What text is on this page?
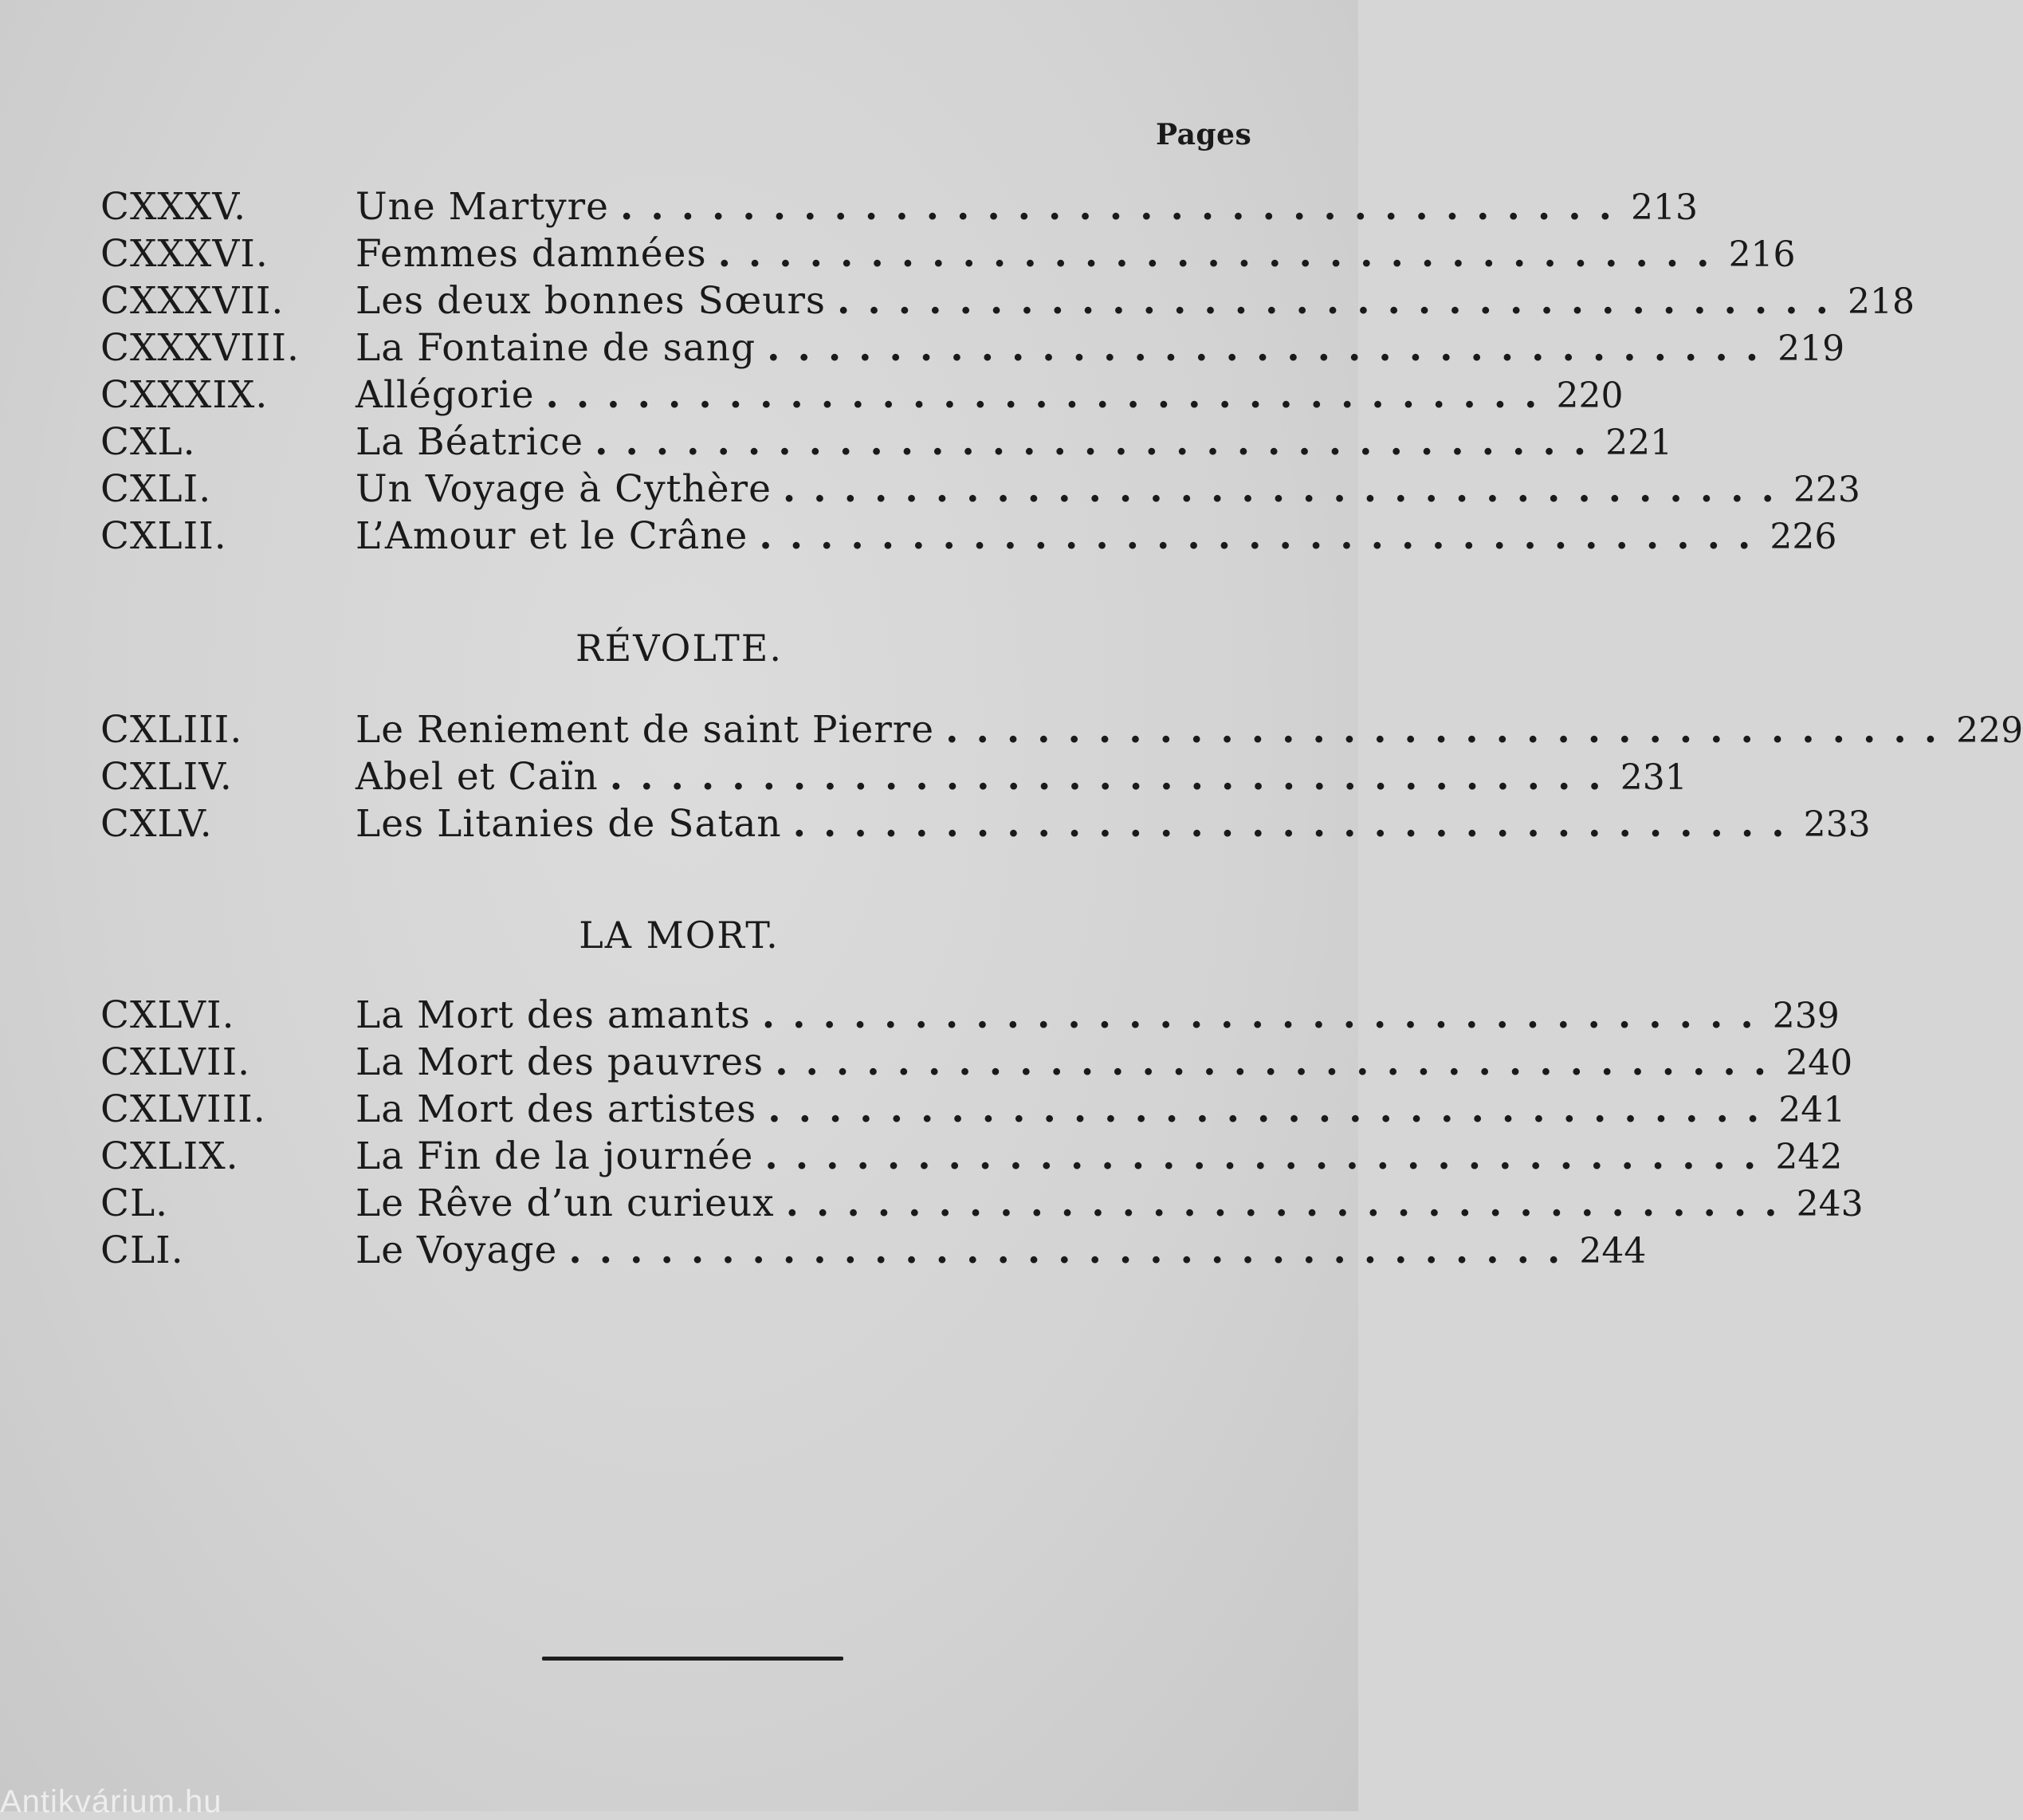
Pages
CXXXV.	Une Martyre ................................. 213
CXXXVI.	Femmes damnées ................................. 216
CXXXVII.	Les deux bonnes Sœurs ................................. 218
CXXXVIII.	La Fontaine de sang ................................. 219
CXXXIX.	Allégorie ................................. 220
CXL.	La Béatrice ................................. 221
CXLI.	Un Voyage à Cythère ................................. 223
CXLII.	L’Amour et le Crâne ................................. 226
RÉVOLTE.
CXLIII.	Le Reniement de saint Pierre ................................. 229
CXLIV.	Abel et Caïn ................................. 231
CXLV.	Les Litanies de Satan ................................. 233
LA MORT.
CXLVI.	La Mort des amants ................................. 239
CXLVII.	La Mort des pauvres ................................. 240
CXLVIII.	La Mort des artistes ................................. 241
CXLIX.	La Fin de la journée ................................. 242
CL.	Le Rêve d’un curieux ................................. 243
CLI.	Le Voyage ................................. 244
Antikvárium.hu
